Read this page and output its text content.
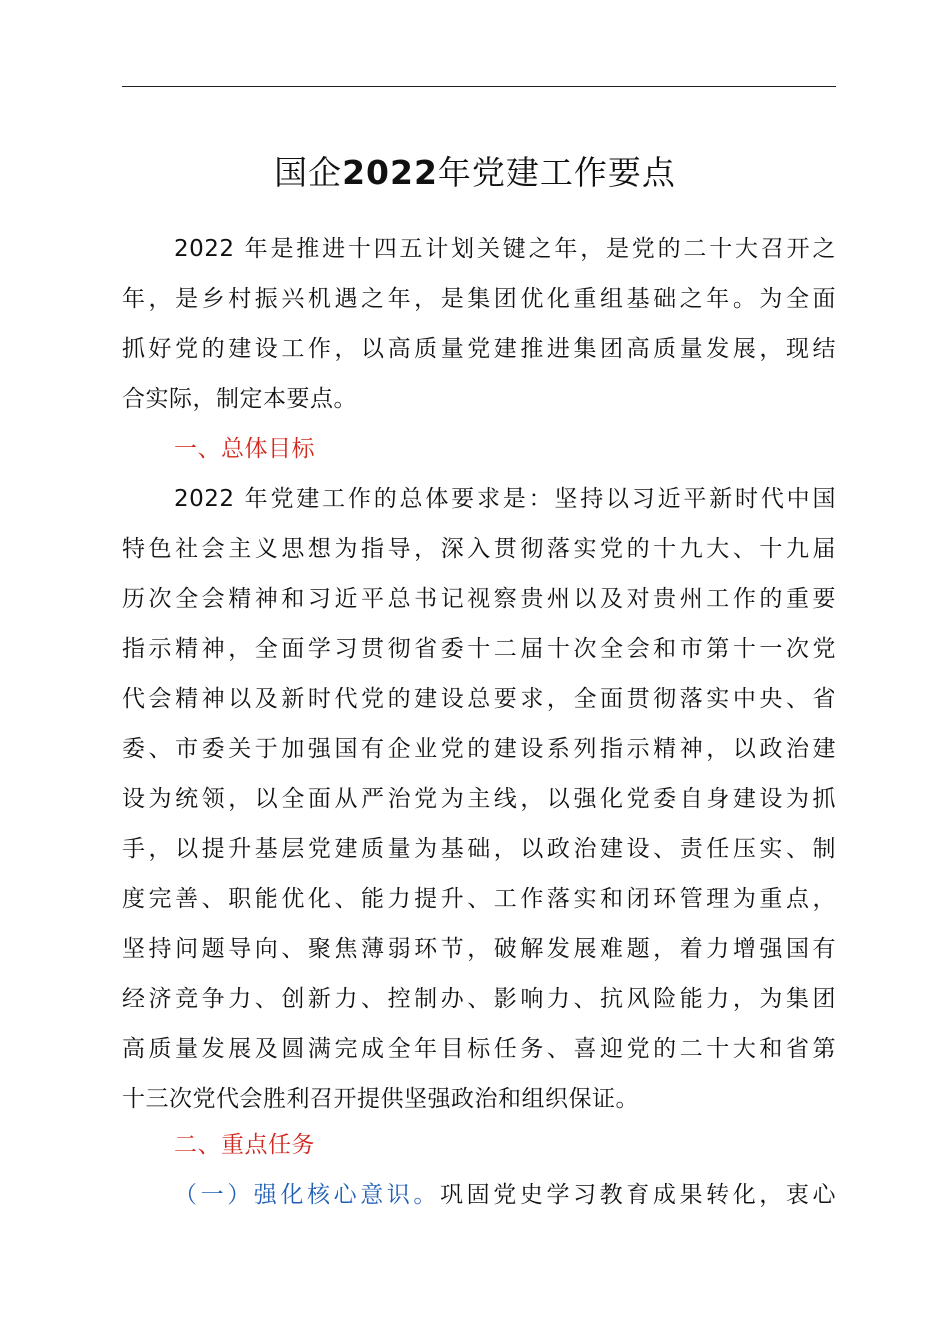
国企2022年党建工作要点
2022 年是推进十四五计划关键之年，是党的二十大召开之
年，是乡村振兴机遇之年，是集团优化重组基础之年。为全面
抓好党的建设工作，以高质量党建推进集团高质量发展，现结
合实际，制定本要点。
一、总体目标
2022 年党建工作的总体要求是：坚持以习近平新时代中国
特色社会主义思想为指导，深入贯彻落实党的十九大、十九届
历次全会精神和习近平总书记视察贵州以及对贵州工作的重要
指示精神，全面学习贯彻省委十二届十次全会和市第十一次党
代会精神以及新时代党的建设总要求，全面贯彻落实中央、省
委、市委关于加强国有企业党的建设系列指示精神，以政治建
设为统领，以全面从严治党为主线，以强化党委自身建设为抓
手，以提升基层党建质量为基础，以政治建设、责任压实、制
度完善、职能优化、能力提升、工作落实和闭环管理为重点，
坚持问题导向、聚焦薄弱环节，破解发展难题，着力增强国有
经济竞争力、创新力、控制办、影响力、抗风险能力，为集团
高质量发展及圆满完成全年目标任务、喜迎党的二十大和省第
十三次党代会胜利召开提供坚强政治和组织保证。
二、重点任务
（一）强化核心意识。巩固党史学习教育成果转化，衷心
